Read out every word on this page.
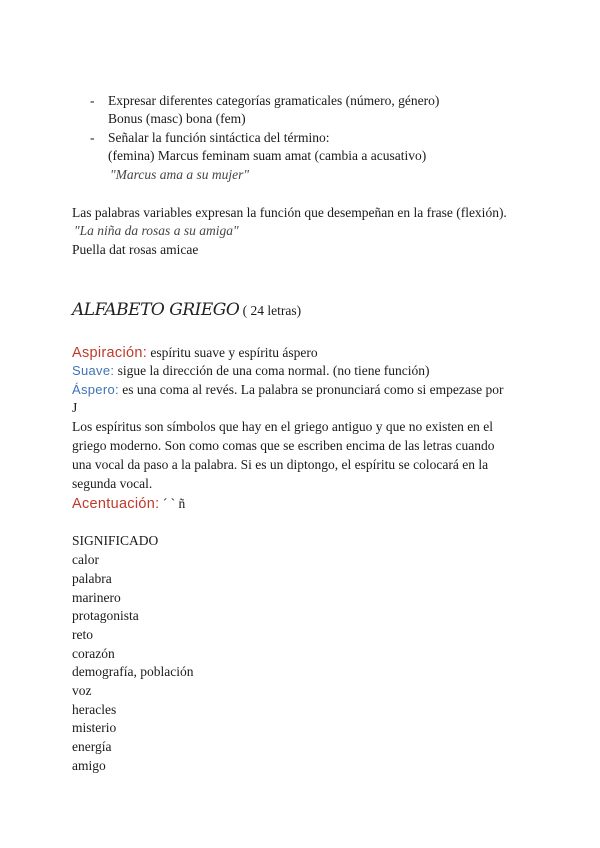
- Expresar diferentes categorías gramaticales (número, género)
Bonus (masc) bona (fem)
- Señalar la función sintáctica del término:
(femina) Marcus feminam suam amat (cambia a acusativo)
"Marcus ama a su mujer"
Las palabras variables expresan la función que desempeñan en la frase (flexión).
"La niña da rosas a su amiga"
Puella dat rosas amicae
ALFABETO GRIEGO ( 24 letras)
Aspiración: espíritu suave y espíritu áspero
Suave: sigue la dirección de una coma normal. (no tiene función)
Áspero: es una coma al revés. La palabra se pronunciará como si empezase por
J
Los espíritus son símbolos que hay en el griego antiguo y que no existen en el
griego moderno. Son como comas que se escriben encima de las letras cuando
una vocal da paso a la palabra. Si es un diptongo, el espíritu se colocará en la
segunda vocal.
Acentuación: ´ ` ñ
SIGNIFICADO
calor
palabra
marinero
protagonista
reto
corazón
demografía, población
voz
heracles
misterio
energía
amigo
